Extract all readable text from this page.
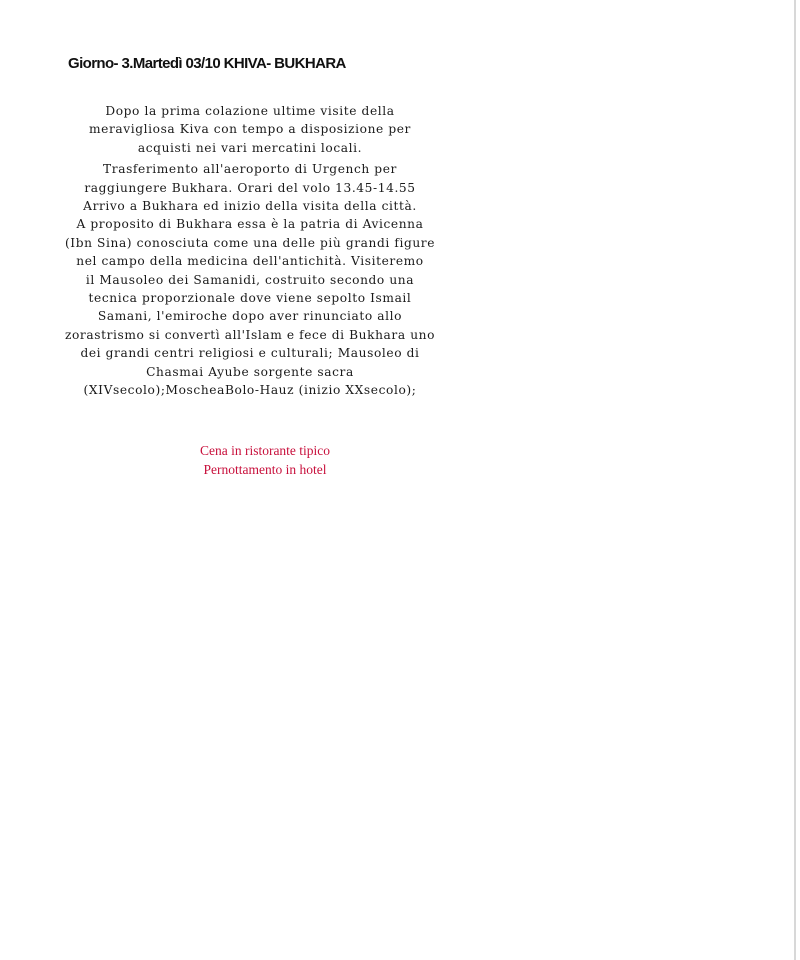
Giorno- 3.Martedì 03/10 KHIVA- BUKHARA
Dopo la prima colazione ultime visite della
meravigliosa Kiva con tempo a disposizione per
acquisti nei vari mercatini locali.
Trasferimento all'aeroporto di Urgench per
raggiungere Bukhara. Orari del volo 13.45-14.55
Arrivo a Bukhara ed inizio della visita della città.
A proposito di Bukhara essa è la patria di Avicenna
(Ibn Sina) conosciuta come una delle più grandi figure
nel campo della medicina dell'antichità. Visiteremo
il Mausoleo dei Samanidi, costruito secondo una
tecnica proporzionale dove viene sepolto Ismail
Samani, l'emiroche dopo aver rinunciato allo
zorastrismo si convertì all'Islam e fece di Bukhara uno
dei grandi centri religiosi e culturali; Mausoleo di
Chasmai Ayube sorgente sacra
(XIVsecolo);MoscheaBolo-Hauz (inizio XXsecolo);
Cena in ristorante tipico
Pernottamento in hotel
